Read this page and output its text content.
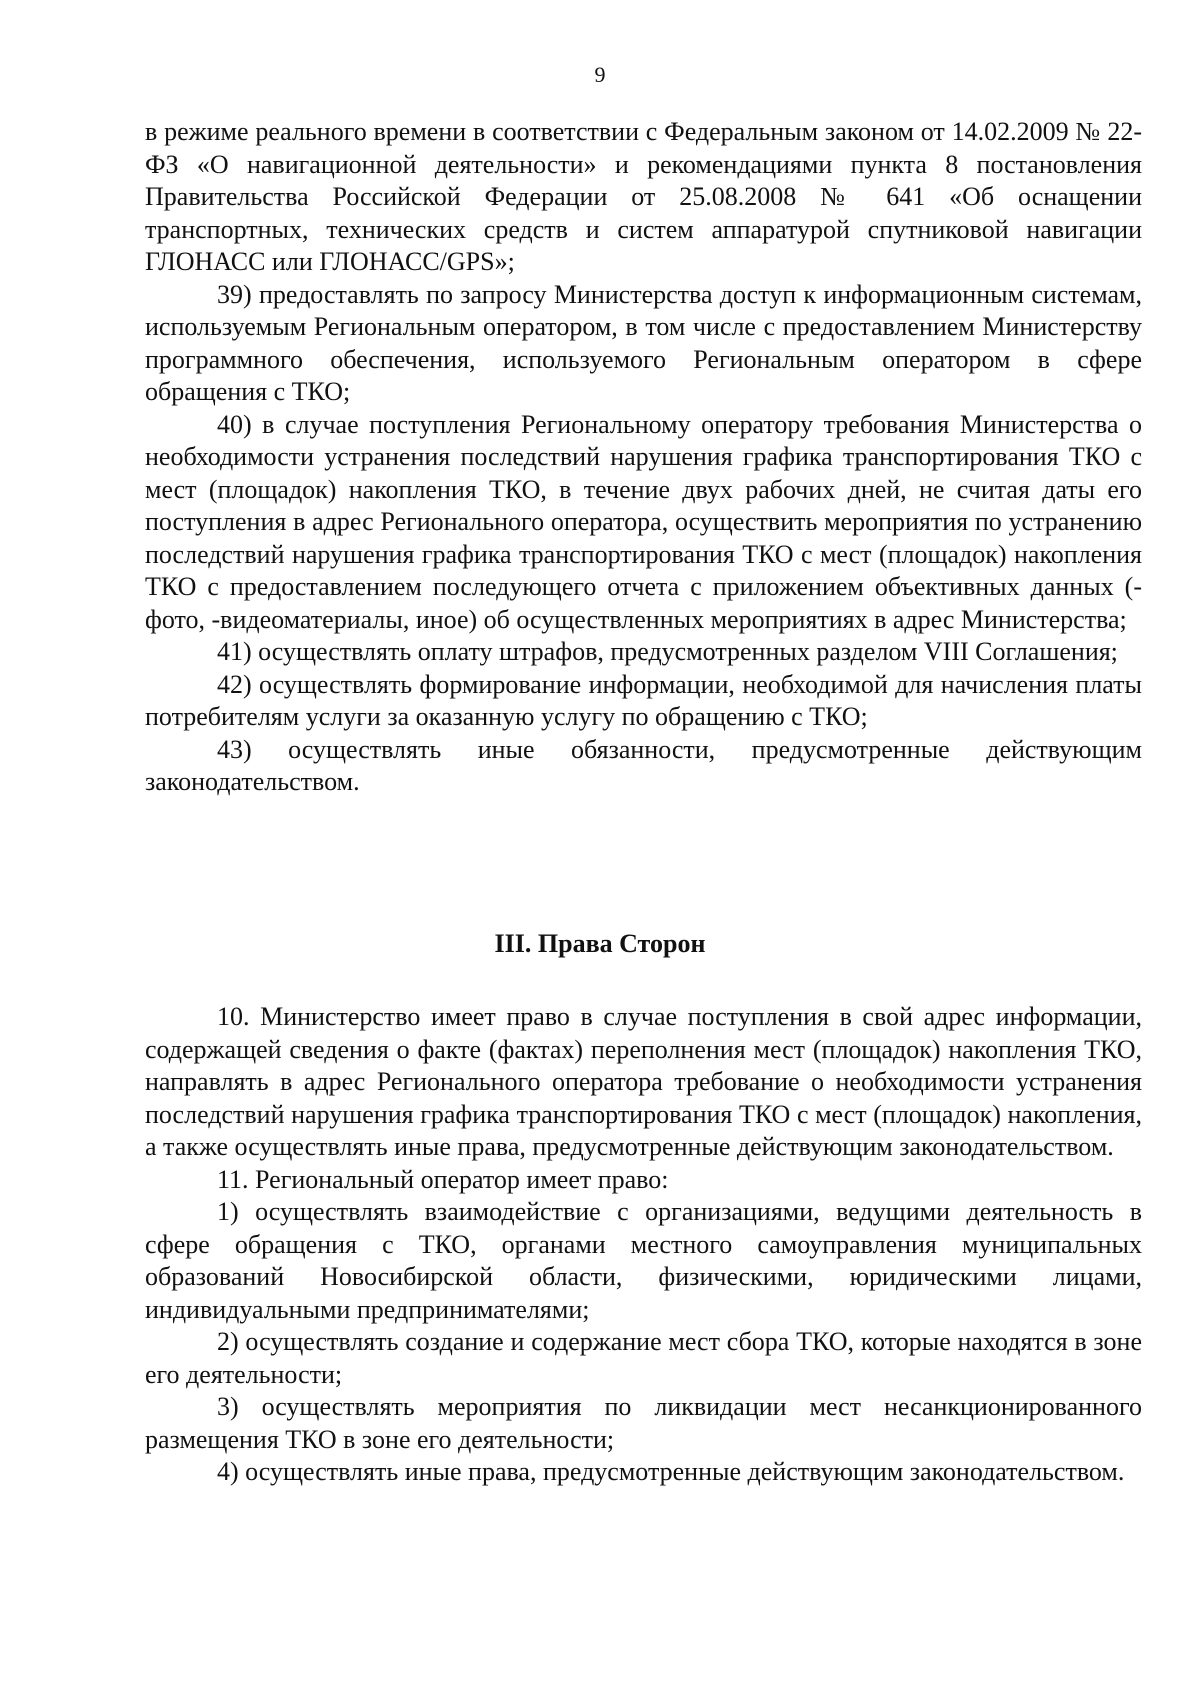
9

в режиме реального времени в соответствии с Федеральным законом от 14.02.2009 № 22-ФЗ «О навигационной деятельности» и рекомендациями пункта 8 постановления Правительства Российской Федерации от 25.08.2008 № 641 «Об оснащении транспортных, технических средств и систем аппаратурой спутниковой навигации ГЛОНАСС или ГЛОНАСС/GPS»;

39) предоставлять по запросу Министерства доступ к информационным системам, используемым Региональным оператором, в том числе с предоставлением Министерству программного обеспечения, используемого Региональным оператором в сфере обращения с ТКО;

40) в случае поступления Региональному оператору требования Министерства о необходимости устранения последствий нарушения графика транспортирования ТКО с мест (площадок) накопления ТКО, в течение двух рабочих дней, не считая даты его поступления в адрес Регионального оператора, осуществить мероприятия по устранению последствий нарушения графика транспортирования ТКО с мест (площадок) накопления ТКО с предоставлением последующего отчета с приложением объективных данных (-фото, -видеоматериалы, иное) об осуществленных мероприятиях в адрес Министерства;

41) осуществлять оплату штрафов, предусмотренных разделом VIII Соглашения;

42) осуществлять формирование информации, необходимой для начисления платы потребителям услуги за оказанную услугу по обращению с ТКО;

43) осуществлять иные обязанности, предусмотренные действующим законодательством.

III. Права Сторон

10. Министерство имеет право в случае поступления в свой адрес информации, содержащей сведения о факте (фактах) переполнения мест (площадок) накопления ТКО, направлять в адрес Регионального оператора требование о необходимости устранения последствий нарушения графика транспортирования ТКО с мест (площадок) накопления, а также осуществлять иные права, предусмотренные действующим законодательством.

11. Региональный оператор имеет право:

1) осуществлять взаимодействие с организациями, ведущими деятельность в сфере обращения с ТКО, органами местного самоуправления муниципальных образований Новосибирской области, физическими, юридическими лицами, индивидуальными предпринимателями;

2) осуществлять создание и содержание мест сбора ТКО, которые находятся в зоне его деятельности;

3) осуществлять мероприятия по ликвидации мест несанкционированного размещения ТКО в зоне его деятельности;

4) осуществлять иные права, предусмотренные действующим законодательством.
